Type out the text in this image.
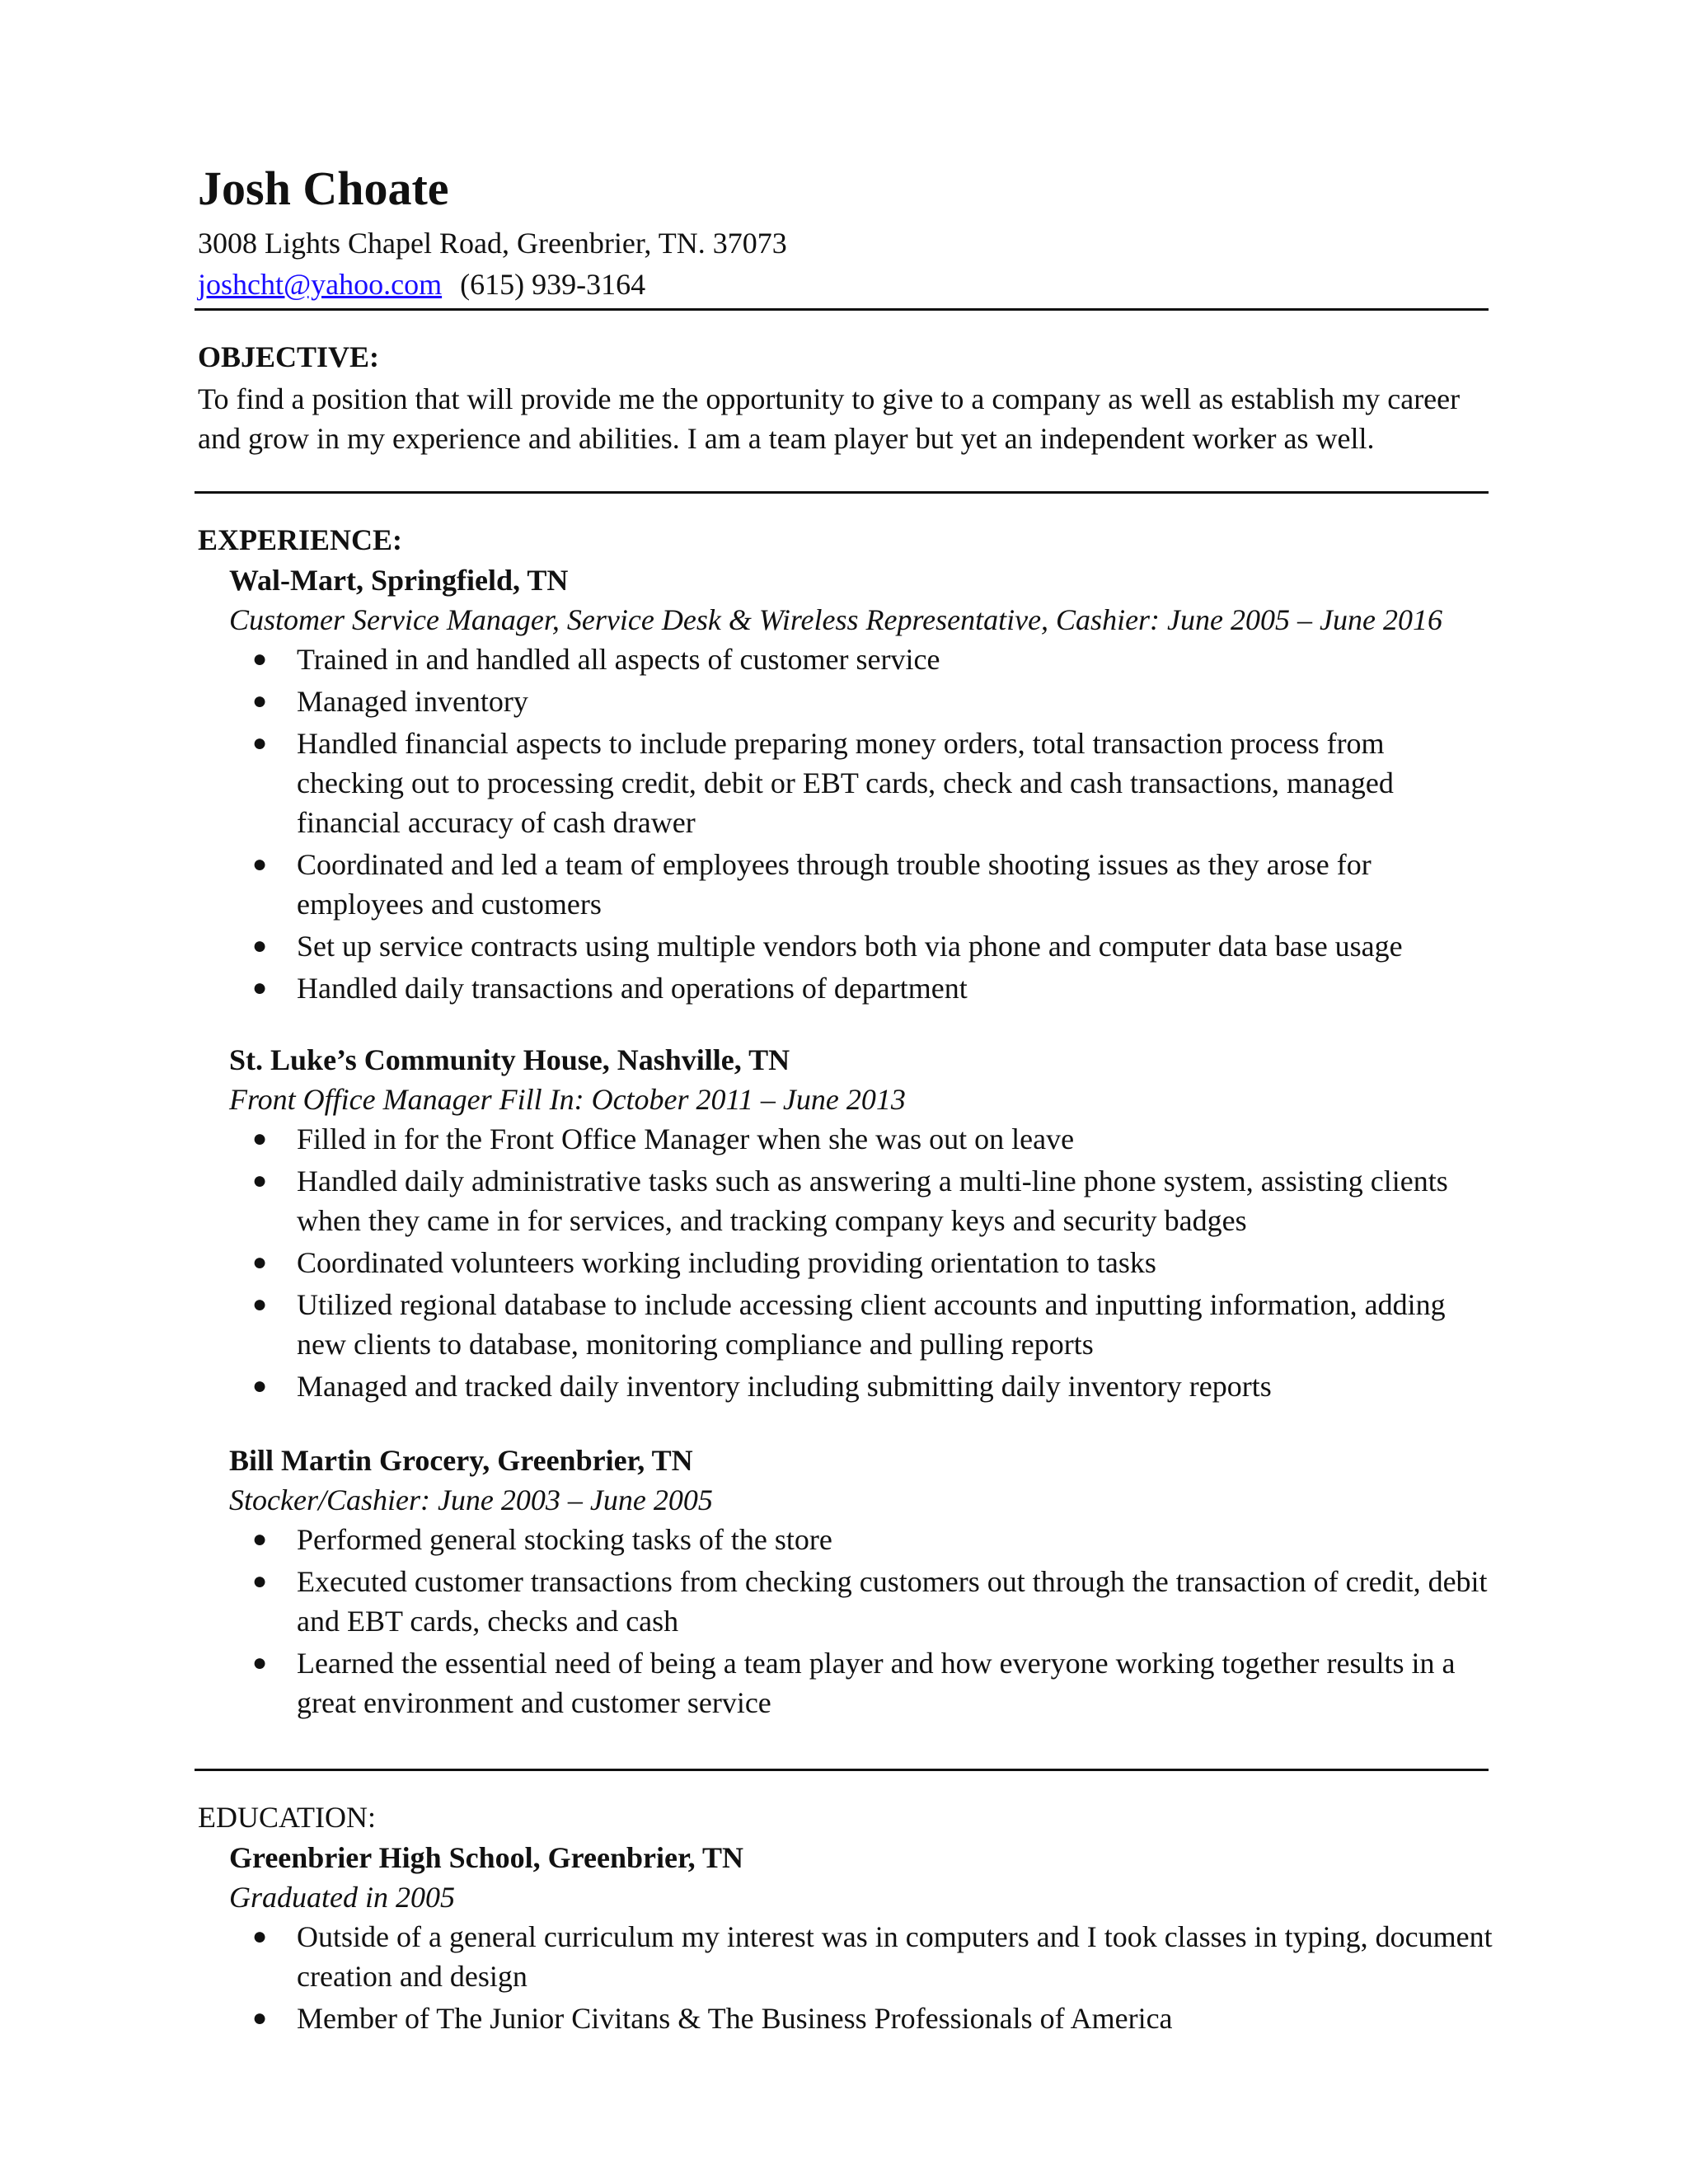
Josh Choate
3008 Lights Chapel Road, Greenbrier, TN. 37073
joshcht@yahoo.com (615) 939-3164
OBJECTIVE:
To find a position that will provide me the opportunity to give to a company as well as establish my career and grow in my experience and abilities. I am a team player but yet an independent worker as well.
EXPERIENCE:
Wal-Mart, Springfield, TN
Customer Service Manager, Service Desk & Wireless Representative, Cashier: June 2005 – June 2016
● Trained in and handled all aspects of customer service
● Managed inventory
● Handled financial aspects to include preparing money orders, total transaction process from checking out to processing credit, debit or EBT cards, check and cash transactions, managed financial accuracy of cash drawer
● Coordinated and led a team of employees through trouble shooting issues as they arose for employees and customers
● Set up service contracts using multiple vendors both via phone and computer data base usage
● Handled daily transactions and operations of department
St. Luke’s Community House, Nashville, TN
Front Office Manager Fill In: October 2011 – June 2013
● Filled in for the Front Office Manager when she was out on leave
● Handled daily administrative tasks such as answering a multi-line phone system, assisting clients when they came in for services, and tracking company keys and security badges
● Coordinated volunteers working including providing orientation to tasks
● Utilized regional database to include accessing client accounts and inputting information, adding new clients to database, monitoring compliance and pulling reports
● Managed and tracked daily inventory including submitting daily inventory reports
Bill Martin Grocery, Greenbrier, TN
Stocker/Cashier: June 2003 – June 2005
● Performed general stocking tasks of the store
● Executed customer transactions from checking customers out through the transaction of credit, debit and EBT cards, checks and cash
● Learned the essential need of being a team player and how everyone working together results in a great environment and customer service
EDUCATION:
Greenbrier High School, Greenbrier, TN
Graduated in 2005
● Outside of a general curriculum my interest was in computers and I took classes in typing, document creation and design
● Member of The Junior Civitans & The Business Professionals of America
